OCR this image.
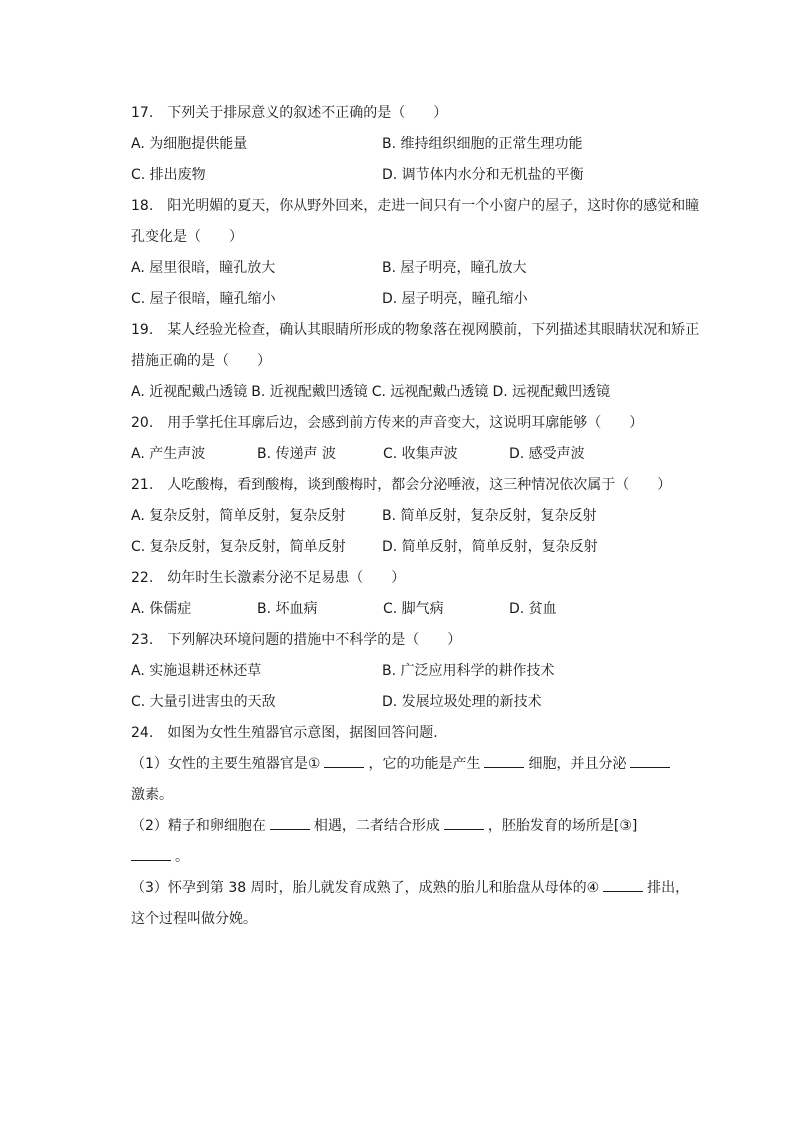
17.　下列关于排尿意义的叙述不正确的是（　　）
A. 为细胞提供能量	B. 维持组织细胞的正常生理功能
C. 排出废物	D. 调节体内水分和无机盐的平衡
18.　阳光明媚的夏天，你从野外回来，走进一间只有一个小窗户的屋子，这时你的感觉和瞳
孔变化是（　　）
A. 屋里很暗，瞳孔放大	B. 屋子明亮，瞳孔放大
C. 屋子很暗，瞳孔缩小	D. 屋子明亮，瞳孔缩小
19.　某人经验光检查，确认其眼睛所形成的物象落在视网膜前，下列描述其眼睛状况和矫正
措施正确的是（　　）
A. 近视配戴凸透镜 B. 近视配戴凹透镜 C. 远视配戴凸透镜 D. 远视配戴凹透镜
20.　用手掌托住耳廓后边，会感到前方传来的声音变大，这说明耳廓能够（　　）
A. 产生声波	B. 传递声 波	C. 收集声波	D. 感受声波
21.　人吃酸梅，看到酸梅，谈到酸梅时，都会分泌唾液，这三种情况依次属于（　　）
A. 复杂反射，简单反射，复杂反射	B. 简单反射，复杂反射，复杂反射
C. 复杂反射，复杂反射，简单反射	D. 简单反射，简单反射，复杂反射
22.　幼年时生长激素分泌不足易患（　　）
A. 侏儒症	B. 坏血病	C. 脚气病	D. 贫血
23.　下列解决环境问题的措施中不科学的是（　　）
A. 实施退耕还林还草	B. 广泛应用科学的耕作技术
C. 大量引进害虫的天敌	D. 发展垃圾处理的新技术
24.　如图为女性生殖器官示意图，据图回答问题.
（1）女性的主要生殖器官是①	，它的功能是产生	细胞，并且分泌
激素。
（2）精子和卵细胞在	相遇，二者结合形成	，胚胎发育的场所是[③]
。
（3）怀孕到第 38 周时，胎儿就发育成熟了，成熟的胎儿和胎盘从母体的④	排出，
这个过程叫做分娩。
